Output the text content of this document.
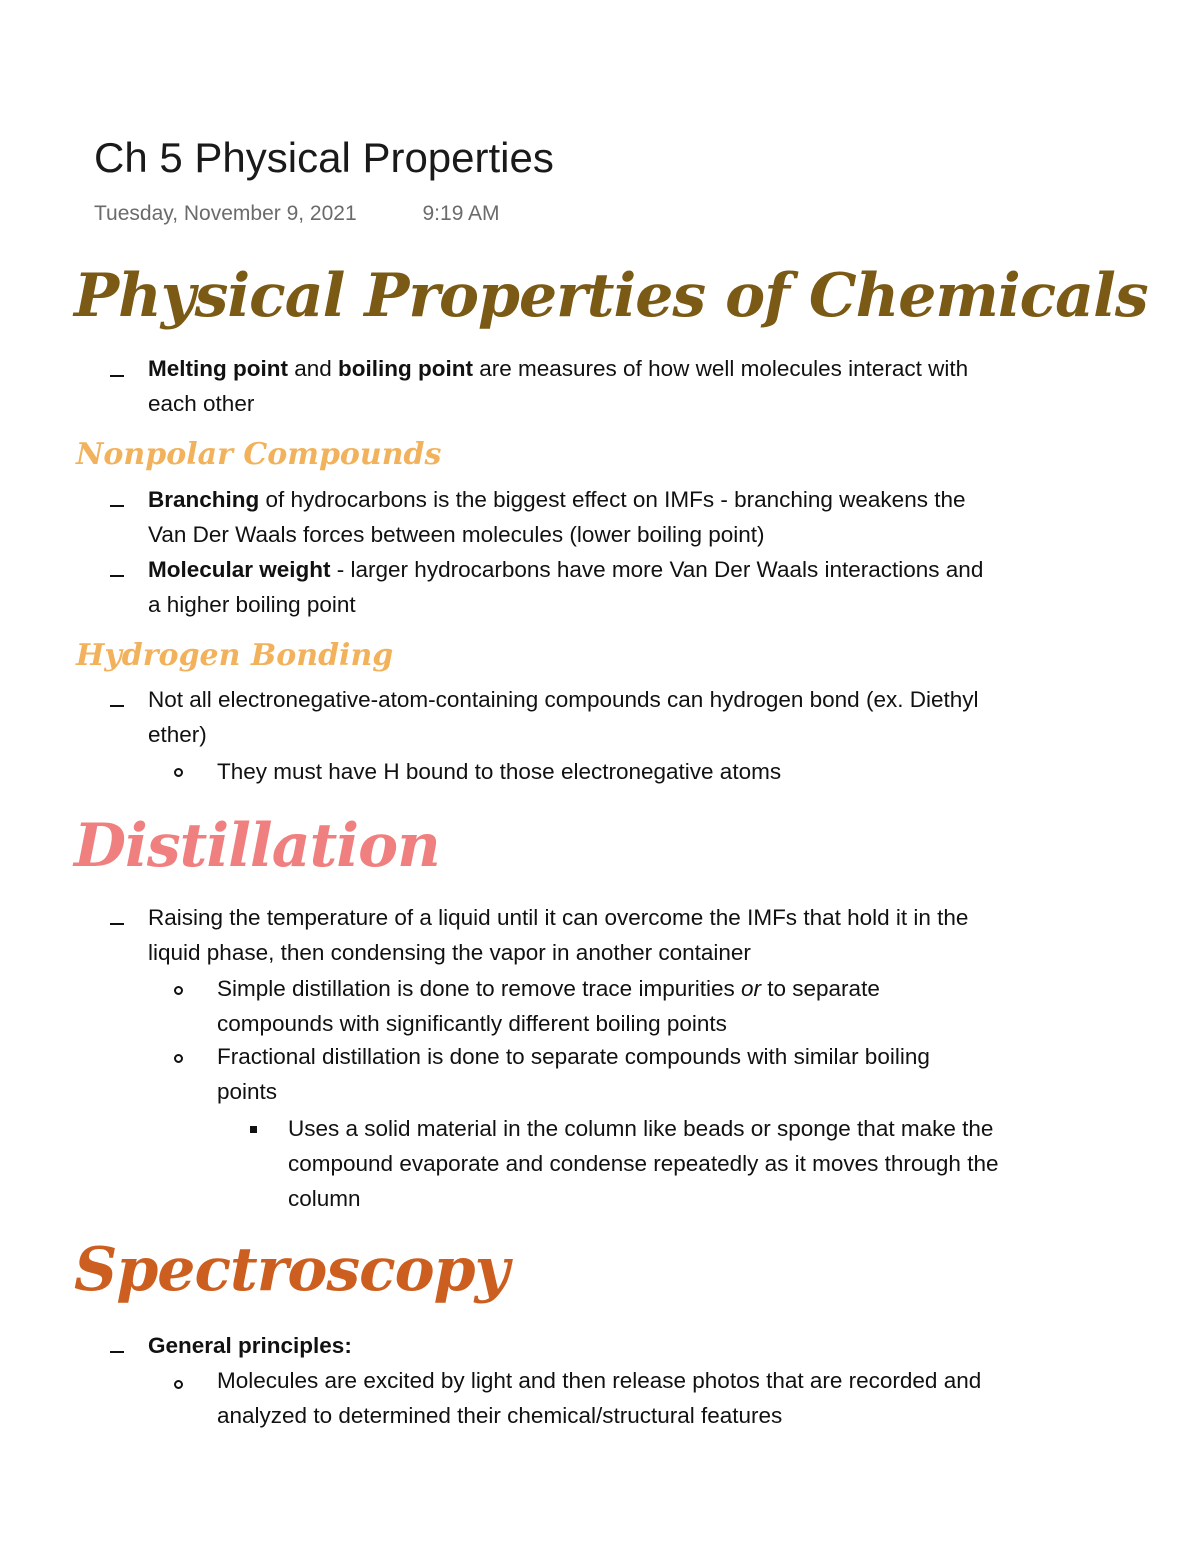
Ch 5 Physical Properties
Tuesday, November 9, 2021	9:19 AM
Physical Properties of Chemicals
Melting point and boiling point are measures of how well molecules interact with
each other
Nonpolar Compounds
Branching of hydrocarbons is the biggest effect on IMFs - branching weakens the
Van Der Waals forces between molecules (lower boiling point)
Molecular weight - larger hydrocarbons have more Van Der Waals interactions and
a higher boiling point
Hydrogen Bonding
Not all electronegative-atom-containing compounds can hydrogen bond (ex. Diethyl
ether)
They must have H bound to those electronegative atoms
Distillation
Raising the temperature of a liquid until it can overcome the IMFs that hold it in the
liquid phase, then condensing the vapor in another container
Simple distillation is done to remove trace impurities or to separate
compounds with significantly different boiling points
Fractional distillation is done to separate compounds with similar boiling
points
Uses a solid material in the column like beads or sponge that make the
compound evaporate and condense repeatedly as it moves through the
column
Spectroscopy
General principles:
Molecules are excited by light and then release photos that are recorded and
analyzed to determined their chemical/structural features
